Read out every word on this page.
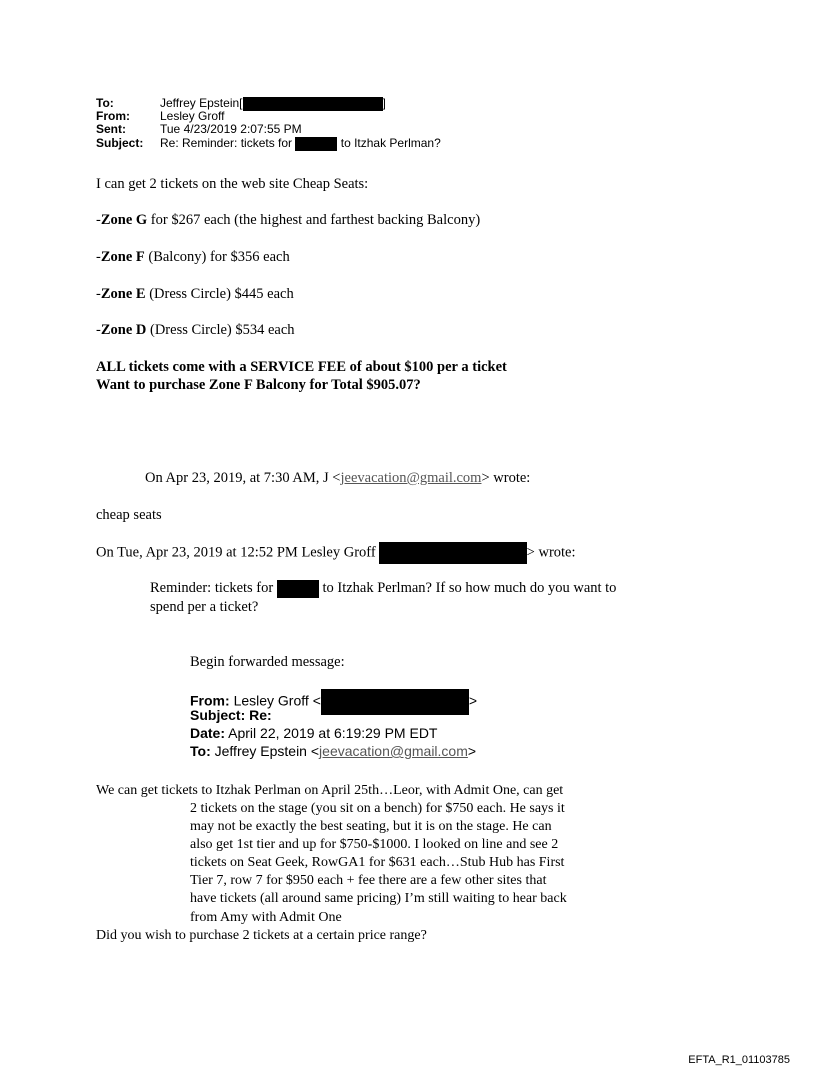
To:	Jeffrey Epstein[	]
From:	Lesley Groff
Sent:	Tue 4/23/2019 2:07:55 PM
Subject: Re: Reminder: tickets for	to Itzhak Perlman?
I can get 2 tickets on the web site Cheap Seats:
-Zone G for $267 each (the highest and farthest backing Balcony)
-Zone F (Balcony) for $356 each
-Zone E (Dress Circle) $445 each
-Zone D (Dress Circle) $534 each
ALL tickets come with a SERVICE FEE of about $100 per a ticket
Want to purchase Zone F Balcony for Total $905.07?
On Apr 23, 2019, at 7:30 AM, J <jeevacation@gmail.com> wrote:
cheap seats
On Tue, Apr 23, 2019 at 12:52 PM Lesley Groff	> wrote:
Reminder: tickets for	to Itzhak Perlman? If so how much do you want to
spend per a ticket?
Begin forwarded message:
From: Lesley Groff <	>
Subject: Re:
Date: April 22, 2019 at 6:19:29 PM EDT
To: Jeffrey Epstein <jeevacation@gmail.com>
We can get tickets to Itzhak Perlman on April 25th…Leor, with Admit One, can get
2 tickets on the stage (you sit on a bench) for $750 each. He says it
may not be exactly the best seating, but it is on the stage. He can
also get 1st tier and up for $750-$1000. I looked on line and see 2
tickets on Seat Geek, RowGA1 for $631 each…Stub Hub has First
Tier 7, row 7 for $950 each + fee there are a few other sites that
have tickets (all around same pricing) I’m still waiting to hear back
from Amy with Admit One
Did you wish to purchase 2 tickets at a certain price range?
EFTA_R1_01103785
